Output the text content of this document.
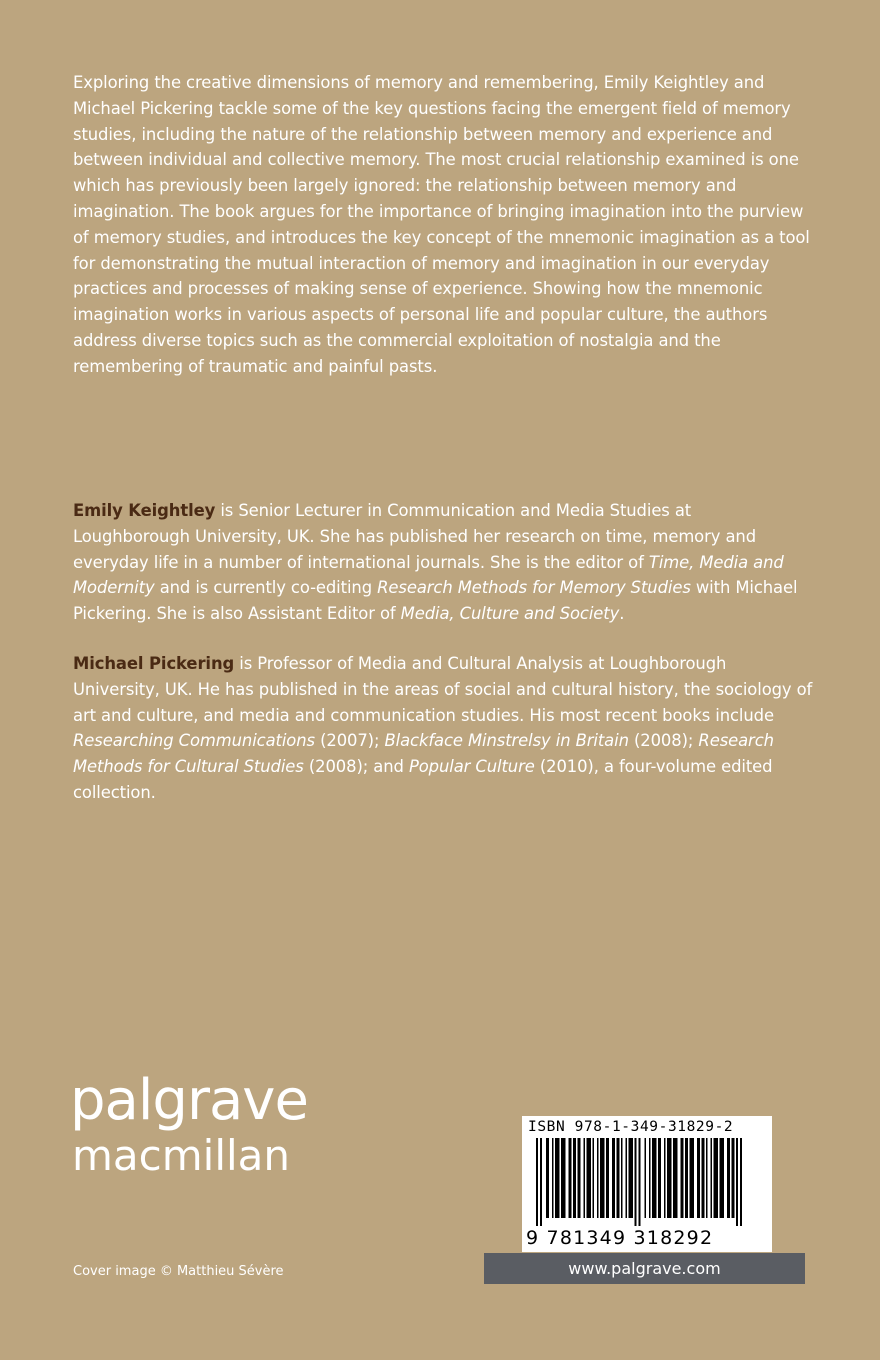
Exploring the creative dimensions of memory and remembering, Emily Keightley and Michael Pickering tackle some of the key questions facing the emergent field of memory studies, including the nature of the relationship between memory and experience and between individual and collective memory. The most crucial relationship examined is one which has previously been largely ignored: the relationship between memory and imagination. The book argues for the importance of bringing imagination into the purview of memory studies, and introduces the key concept of the mnemonic imagination as a tool for demonstrating the mutual interaction of memory and imagination in our everyday practices and processes of making sense of experience. Showing how the mnemonic imagination works in various aspects of personal life and popular culture, the authors address diverse topics such as the commercial exploitation of nostalgia and the remembering of traumatic and painful pasts.

Emily Keightley is Senior Lecturer in Communication and Media Studies at Loughborough University, UK. She has published her research on time, memory and everyday life in a number of international journals. She is the editor of Time, Media and Modernity and is currently co-editing Research Methods for Memory Studies with Michael Pickering. She is also Assistant Editor of Media, Culture and Society.

Michael Pickering is Professor of Media and Cultural Analysis at Loughborough University, UK. He has published in the areas of social and cultural history, the sociology of art and culture, and media and communication studies. His most recent books include Researching Communications (2007); Blackface Minstrelsy in Britain (2008); Research Methods for Cultural Studies (2008); and Popular Culture (2010), a four-volume edited collection.

palgrave
macmillan
Cover image © Matthieu Sévère
ISBN 978-1-349-31829-2
9 781349 318292
www.palgrave.com
